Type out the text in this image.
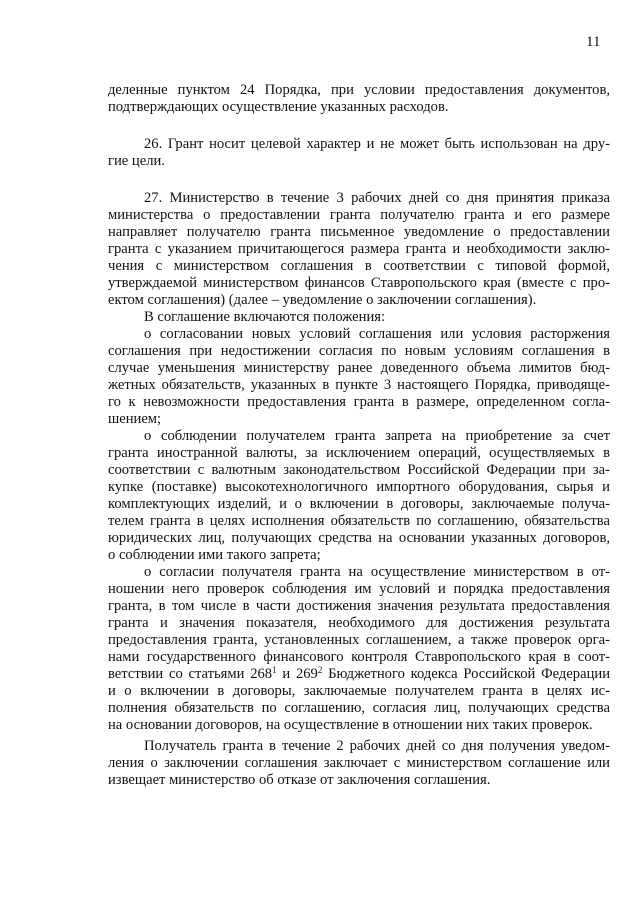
11
деленные пунктом 24 Порядка, при условии предоставления документов,
подтверждающих осуществление указанных расходов.
26. Грант носит целевой характер и не может быть использован на дру-
гие цели.
27. Министерство в течение 3 рабочих дней со дня принятия приказа
министерства о предоставлении гранта получателю гранта и его размере
направляет получателю гранта письменное уведомление о предоставлении
гранта с указанием причитающегося размера гранта и необходимости заклю-
чения с министерством соглашения в соответствии с типовой формой,
утверждаемой министерством финансов Ставропольского края (вместе с про-
ектом соглашения) (далее – уведомление о заключении соглашения).
В соглашение включаются положения:
о согласовании новых условий соглашения или условия расторжения
соглашения при недостижении согласия по новым условиям соглашения в
случае уменьшения министерству ранее доведенного объема лимитов бюд-
жетных обязательств, указанных в пункте 3 настоящего Порядка, приводяще-
го к невозможности предоставления гранта в размере, определенном согла-
шением;
о соблюдении получателем гранта запрета на приобретение за счет
гранта иностранной валюты, за исключением операций, осуществляемых в
соответствии с валютным законодательством Российской Федерации при за-
купке (поставке) высокотехнологичного импортного оборудования, сырья и
комплектующих изделий, и о включении в договоры, заключаемые получа-
телем гранта в целях исполнения обязательств по соглашению, обязательства
юридических лиц, получающих средства на основании указанных договоров,
о соблюдении ими такого запрета;
о согласии получателя гранта на осуществление министерством в от-
ношении него проверок соблюдения им условий и порядка предоставления
гранта, в том числе в части достижения значения результата предоставления
гранта и значения показателя, необходимого для достижения результата
предоставления гранта, установленных соглашением, а также проверок орга-
нами государственного финансового контроля Ставропольского края в соот-
ветствии со статьями $268^1$ и $269^2$ Бюджетного кодекса Российской Федерации
и о включении в договоры, заключаемые получателем гранта в целях ис-
полнения обязательств по соглашению, согласия лиц, получающих средства
на основании договоров, на осуществление в отношении них таких проверок.
Получатель гранта в течение 2 рабочих дней со дня получения уведом-
ления о заключении соглашения заключает с министерством соглашение или
извещает министерство об отказе от заключения соглашения.
